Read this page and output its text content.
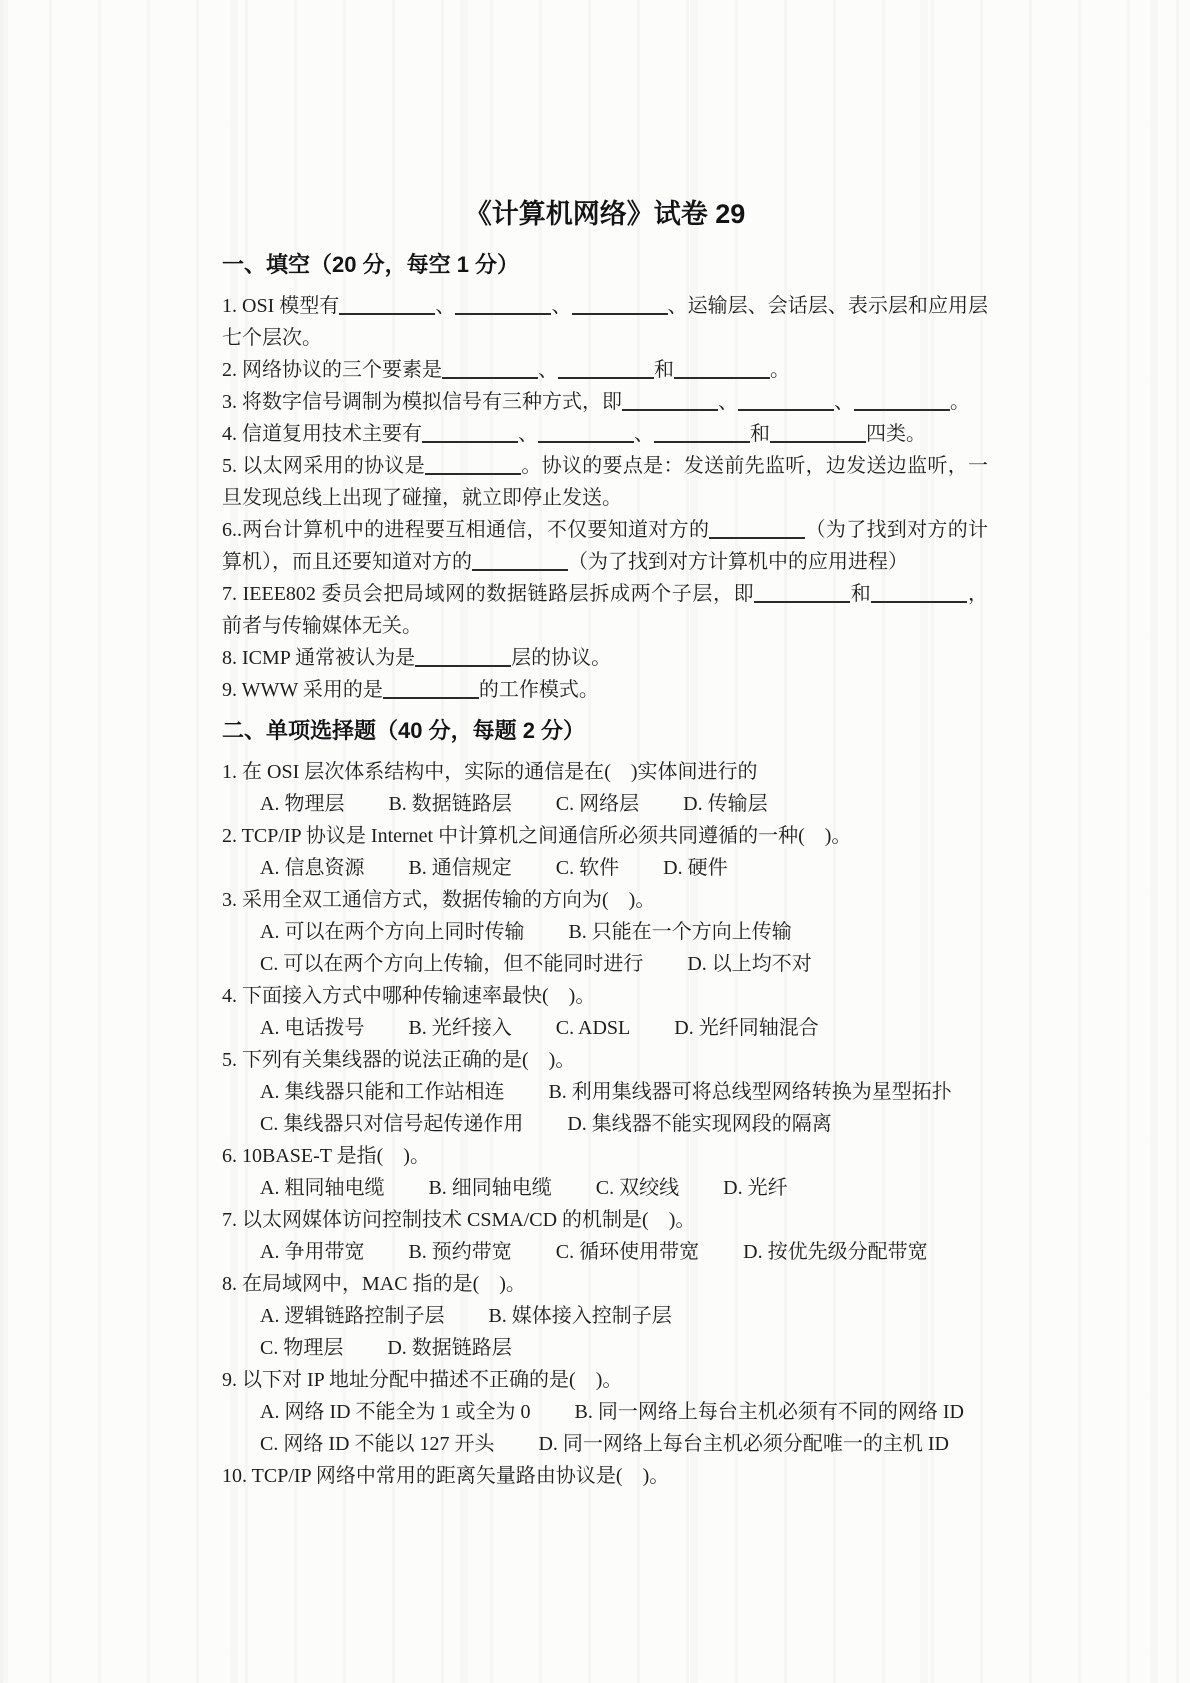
《计算机网络》试卷 29
一、填空（20 分，每空 1 分）

1. OSI 模型有	、	、	、运输层、会话层、表示层和应用层七个层次。

2. 网络协议的三个要素是	、	和	。

3. 将数字信号调制为模拟信号有三种方式，即	、	、	。

4. 信道复用技术主要有	、	、	和	四类。

5. 以太网采用的协议是	。协议的要点是：发送前先监听，边发送边监听，一旦发现总线上出现了碰撞，就立即停止发送。

6..两台计算机中的进程要互相通信，不仅要知道对方的	（为了找到对方的计算机），而且还要知道对方的	（为了找到对方计算机中的应用进程）

7. IEEE802 委员会把局域网的数据链路层拆成两个子层，即	和	，前者与传输媒体无关。

8. ICMP 通常被认为是	层的协议。

9. WWW 采用的是	的工作模式。

二、单项选择题（40 分，每题 2 分）

1. 在 OSI 层次体系结构中，实际的通信是在(　)实体间进行的

A. 物理层 B. 数据链路层 C. 网络层 D. 传输层

2. TCP/IP 协议是 Internet 中计算机之间通信所必须共同遵循的一种(　)。

A. 信息资源 B. 通信规定 C. 软件 D. 硬件

3. 采用全双工通信方式，数据传输的方向为(　)。

A. 可以在两个方向上同时传输 B. 只能在一个方向上传输
C. 可以在两个方向上传输，但不能同时进行 D. 以上均不对

4. 下面接入方式中哪种传输速率最快(　)。

A. 电话拨号 B. 光纤接入 C. ADSL D. 光纤同轴混合

5. 下列有关集线器的说法正确的是(　)。

A. 集线器只能和工作站相连 B. 利用集线器可将总线型网络转换为星型拓扑
C. 集线器只对信号起传递作用 D. 集线器不能实现网段的隔离

6. 10BASE-T 是指(　)。

A. 粗同轴电缆 B. 细同轴电缆 C. 双绞线 D. 光纤

7. 以太网媒体访问控制技术 CSMA/CD 的机制是(　)。

A. 争用带宽 B. 预约带宽 C. 循环使用带宽 D. 按优先级分配带宽

8. 在局域网中，MAC 指的是(　)。

A. 逻辑链路控制子层 B. 媒体接入控制子层
C. 物理层 D. 数据链路层

9. 以下对 IP 地址分配中描述不正确的是(　)。

A. 网络 ID 不能全为 1 或全为 0 B. 同一网络上每台主机必须有不同的网络 ID
C. 网络 ID 不能以 127 开头 D. 同一网络上每台主机必须分配唯一的主机 ID

10. TCP/IP 网络中常用的距离矢量路由协议是(　)。
